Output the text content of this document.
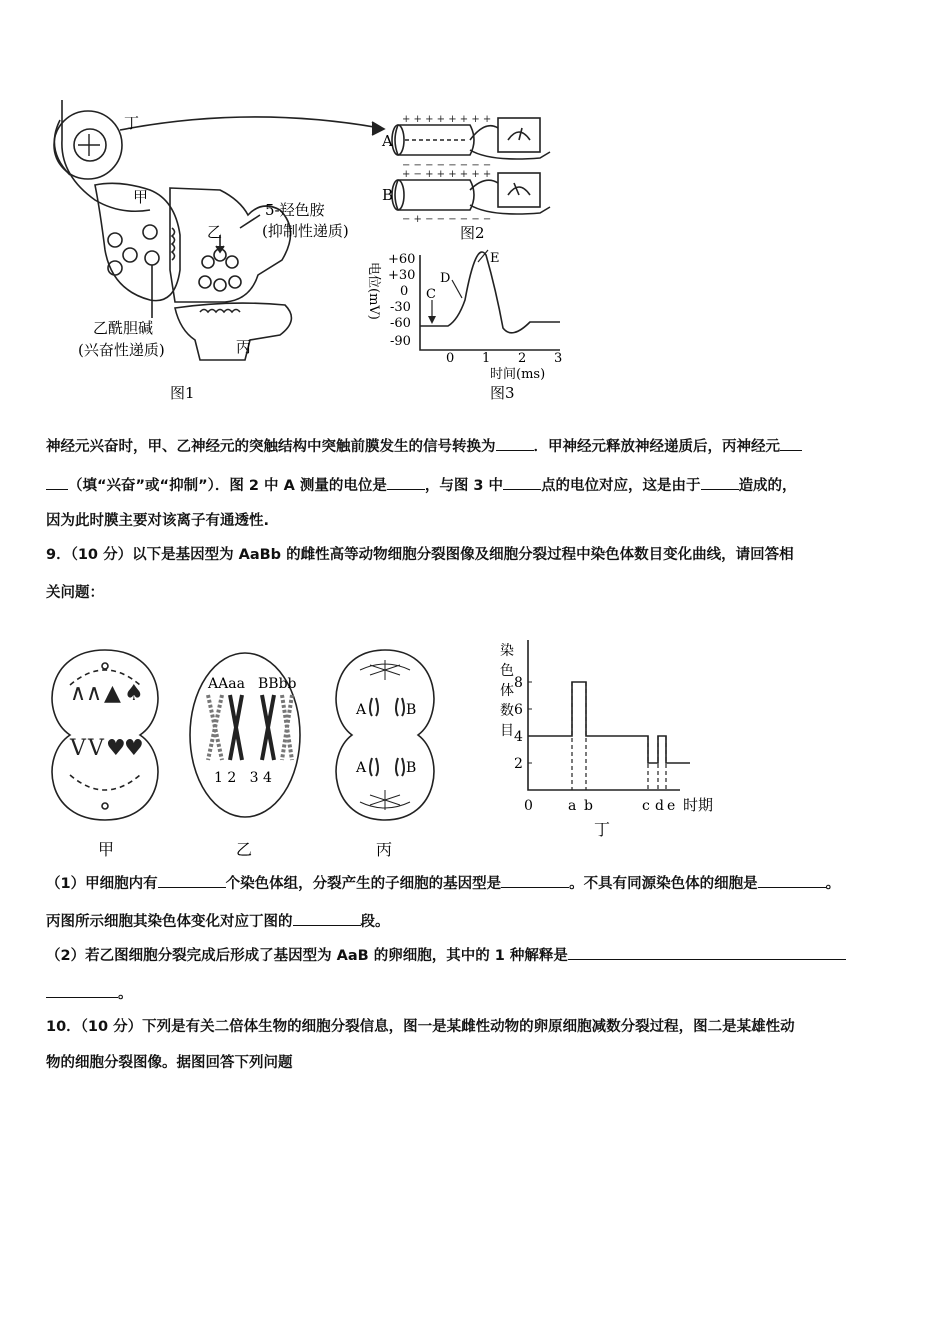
+ + + + + + + +
− − − − − − − −
+ − + + + + + +
− + − − − − − −
+60
+30
0
-30
-60
-90
0 1 2 3
C
D
E
时间(ms)
电位(mV)
丁
甲
乙
丙
5-羟色胺
(抑制性递质)
乙酰胆碱
(兴奋性递质)
图1
图2
图3
A
B
神经元兴奋时，甲、乙神经元的突触结构中突触前膜发生的信号转换为	．甲神经元释放神经递质后，丙神经元
（填“兴奋”或“抑制”）．图 2 中 A 测量的电位是	，与图 3 中	点的电位对应，这是由于	造成的，
因为此时膜主要对该离子有通透性.
9．（10 分）以下是基因型为 AaBb 的雌性高等动物细胞分裂图像及细胞分裂过程中染色体数目变化曲线，请回答相
关问题：
∧ ∧ ▲ ♠
V V ♥
♥
AAaa BBbb
1 2   3 4
A	B
A	B
甲	乙	丙
2
4
6
8
0	a b	c d e
染
色
体
数
目
时期
丁
（1）甲细胞内有	个染色体组，分裂产生的子细胞的基因型是	。不具有同源染色体的细胞是	。
丙图所示细胞其染色体变化对应丁图的	段。
（2）若乙图细胞分裂完成后形成了基因型为 AaB 的卵细胞，其中的 1 种解释是
。
10．（10 分）下列是有关二倍体生物的细胞分裂信息，图一是某雌性动物的卵原细胞减数分裂过程，图二是某雄性动
物的细胞分裂图像。据图回答下列问题
